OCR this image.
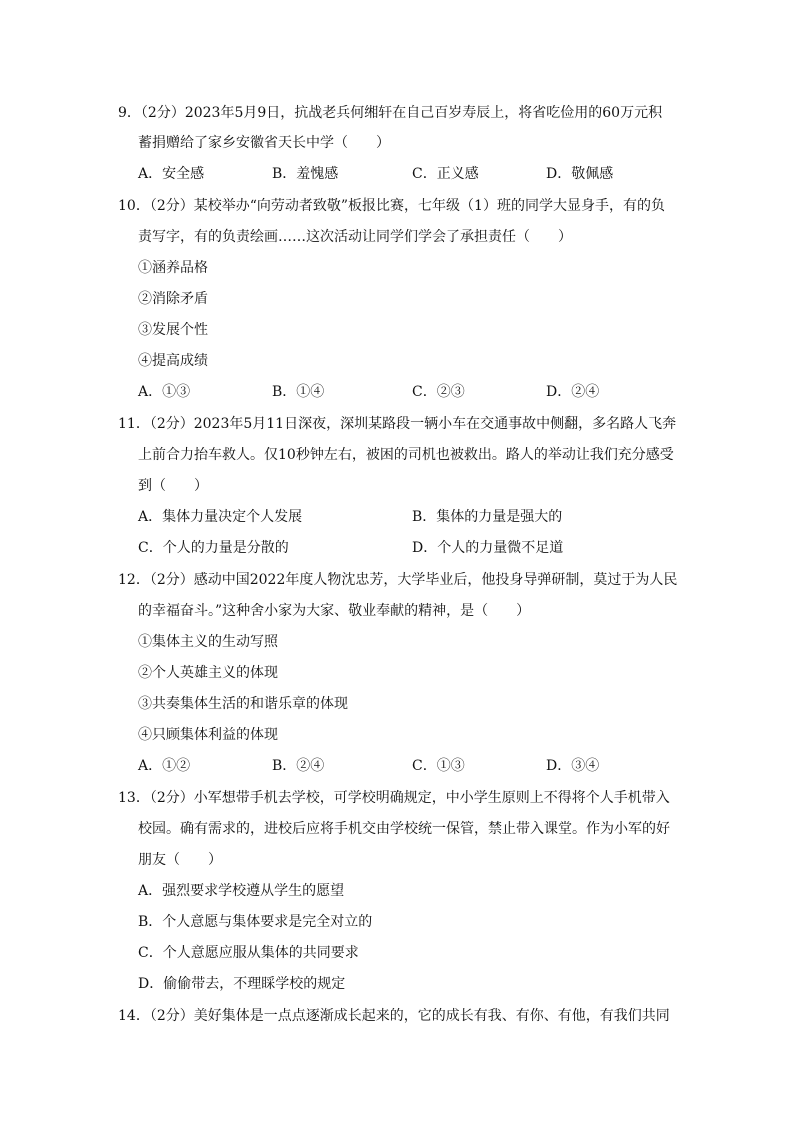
9．（2分）2023年5月9日，抗战老兵何缃轩在自己百岁寿辰上，将省吃俭用的60万元积
蓄捐赠给了家乡安徽省天长中学（　　）
A．安全感	B．羞愧感	C．正义感	D．敬佩感
10．（2分）某校举办“向劳动者致敬”板报比赛，七年级（1）班的同学大显身手，有的负
责写字，有的负责绘画……这次活动让同学们学会了承担责任（　　）
①涵养品格
②消除矛盾
③发展个性
④提高成绩
A．①③	B．①④	C．②③	D．②④
11．（2分）2023年5月11日深夜，深圳某路段一辆小车在交通事故中侧翻，多名路人飞奔
上前合力抬车救人。仅10秒钟左右，被困的司机也被救出。路人的举动让我们充分感受
到（　　）
A．集体力量决定个人发展	B．集体的力量是强大的
C．个人的力量是分散的	D．个人的力量微不足道
12．（2分）感动中国2022年度人物沈忠芳，大学毕业后，他投身导弹研制，莫过于为人民
的幸福奋斗。”这种舍小家为大家、敬业奉献的精神，是（　　）
①集体主义的生动写照
②个人英雄主义的体现
③共奏集体生活的和谐乐章的体现
④只顾集体利益的体现
A．①②	B．②④	C．①③	D．③④
13．（2分）小军想带手机去学校，可学校明确规定，中小学生原则上不得将个人手机带入
校园。确有需求的，进校后应将手机交由学校统一保管，禁止带入课堂。作为小军的好
朋友（　　）
A．强烈要求学校遵从学生的愿望
B．个人意愿与集体要求是完全对立的
C．个人意愿应服从集体的共同要求
D．偷偷带去，不理睬学校的规定
14．（2分）美好集体是一点点逐渐成长起来的，它的成长有我、有你、有他，有我们共同
